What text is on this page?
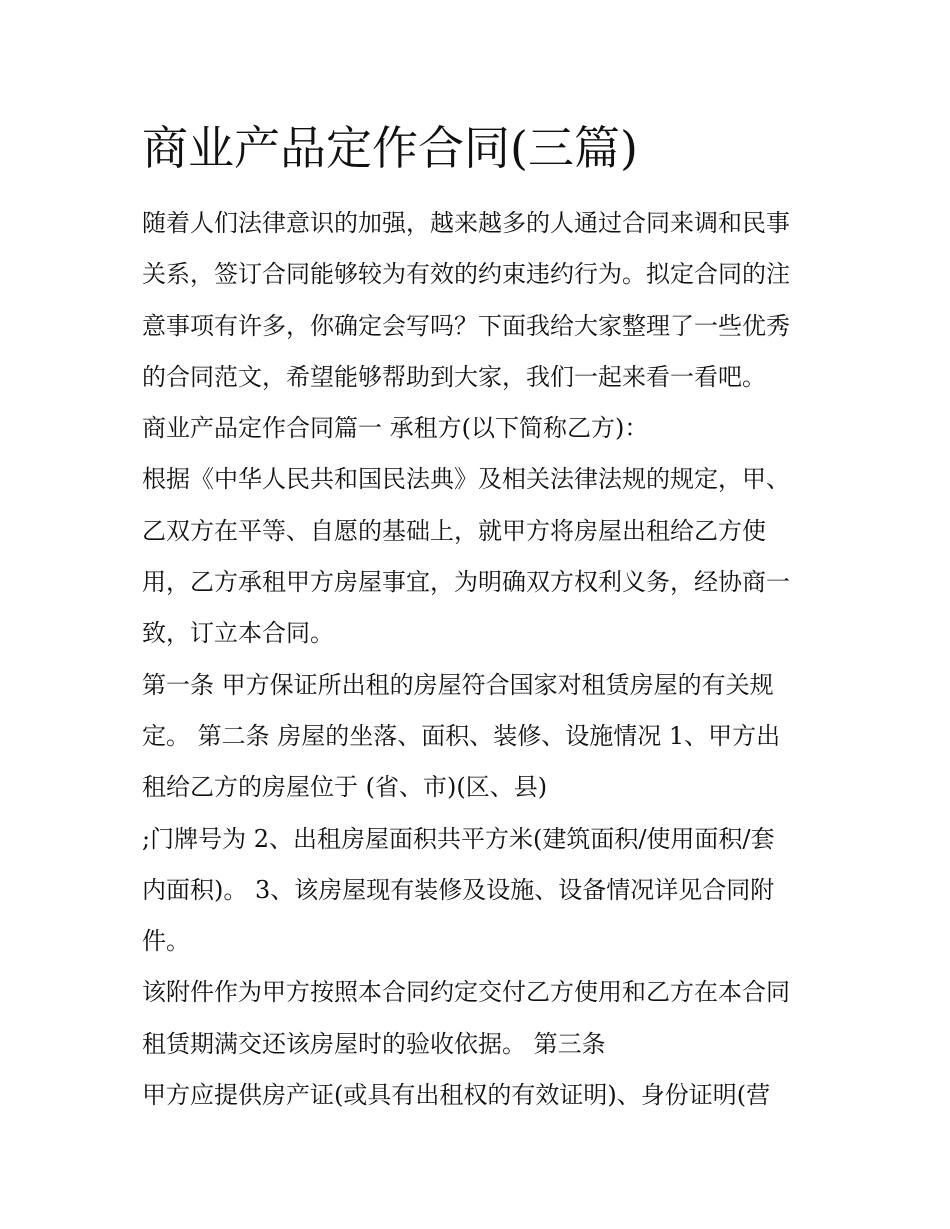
商业产品定作合同(三篇)
随着人们法律意识的加强，越来越多的人通过合同来调和民事
关系，签订合同能够较为有效的约束违约行为。拟定合同的注
意事项有许多，你确定会写吗？下面我给大家整理了一些优秀
的合同范文，希望能够帮助到大家，我们一起来看一看吧。
商业产品定作合同篇一 承租方(以下简称乙方)：
根据《中华人民共和国民法典》及相关法律法规的规定，甲、
乙双方在平等、自愿的基础上，就甲方将房屋出租给乙方使
用，乙方承租甲方房屋事宜，为明确双方权利义务，经协商一
致，订立本合同。
第一条 甲方保证所出租的房屋符合国家对租赁房屋的有关规
定。 第二条 房屋的坐落、面积、装修、设施情况 1、甲方出
租给乙方的房屋位于 (省、市)(区、县)
;门牌号为 2、出租房屋面积共平方米(建筑面积/使用面积/套
内面积)。 3、该房屋现有装修及设施、设备情况详见合同附
件。
该附件作为甲方按照本合同约定交付乙方使用和乙方在本合同
租赁期满交还该房屋时的验收依据。 第三条
甲方应提供房产证(或具有出租权的有效证明)、身份证明(营
